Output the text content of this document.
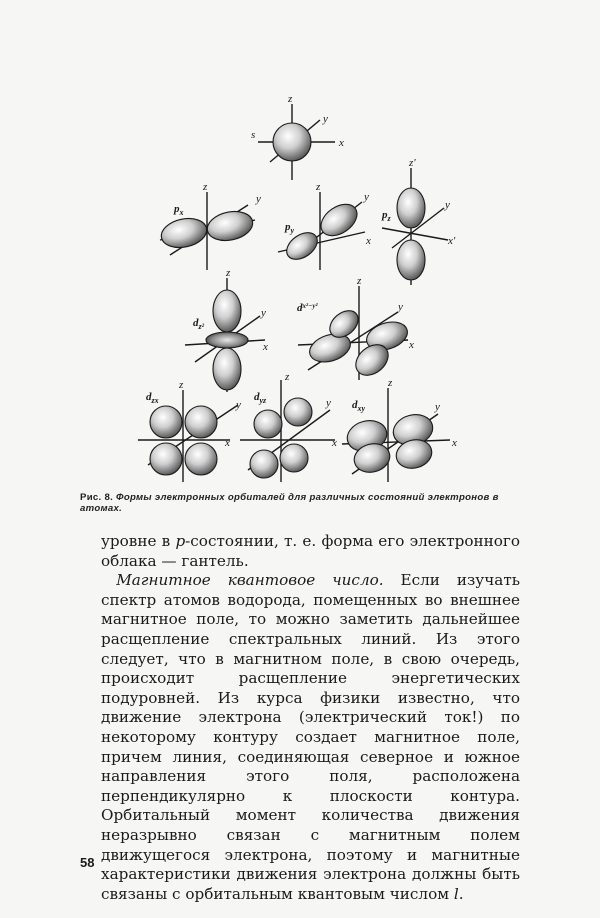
s
z
y
x
$p_x$
z
y
$p_y$
z
y
x
$p_z$
z'
y
x'
$d_{z^2}$
z
y
x
$d^{x^2-y^2}$
z
y
x
$d_{zx}$
z
y
x
$d_{yz}$
z
y
x
$d_{xy}$
z
y
x
Рис. 8. Формы электронных орбиталей для различных состояний электронов в атомах.

уровне в p-состоянии, т. е. форма его электронного облака — гантель.

 Магнитное квантовое число. Если изучать спектр атомов водорода, помещенных во внешнее магнитное поле, то можно заметить дальнейшее расщепление спектральных линий. Из этого следует, что в магнитном поле, в свою очередь, происходит расщепление энергетических подуровней. Из курса физики известно, что движение электрона (электрический ток!) по некоторому контуру создает магнитное поле, причем линия, соединяющая северное и южное направления этого поля, расположена перпендикулярно к плоскости контура. Орбитальный момент количества движения неразрывно связан с магнитным полем движущегося электрона, поэтому и магнитные характеристики движения электрона должны быть связаны с орбитальным квантовым числом l.

58
